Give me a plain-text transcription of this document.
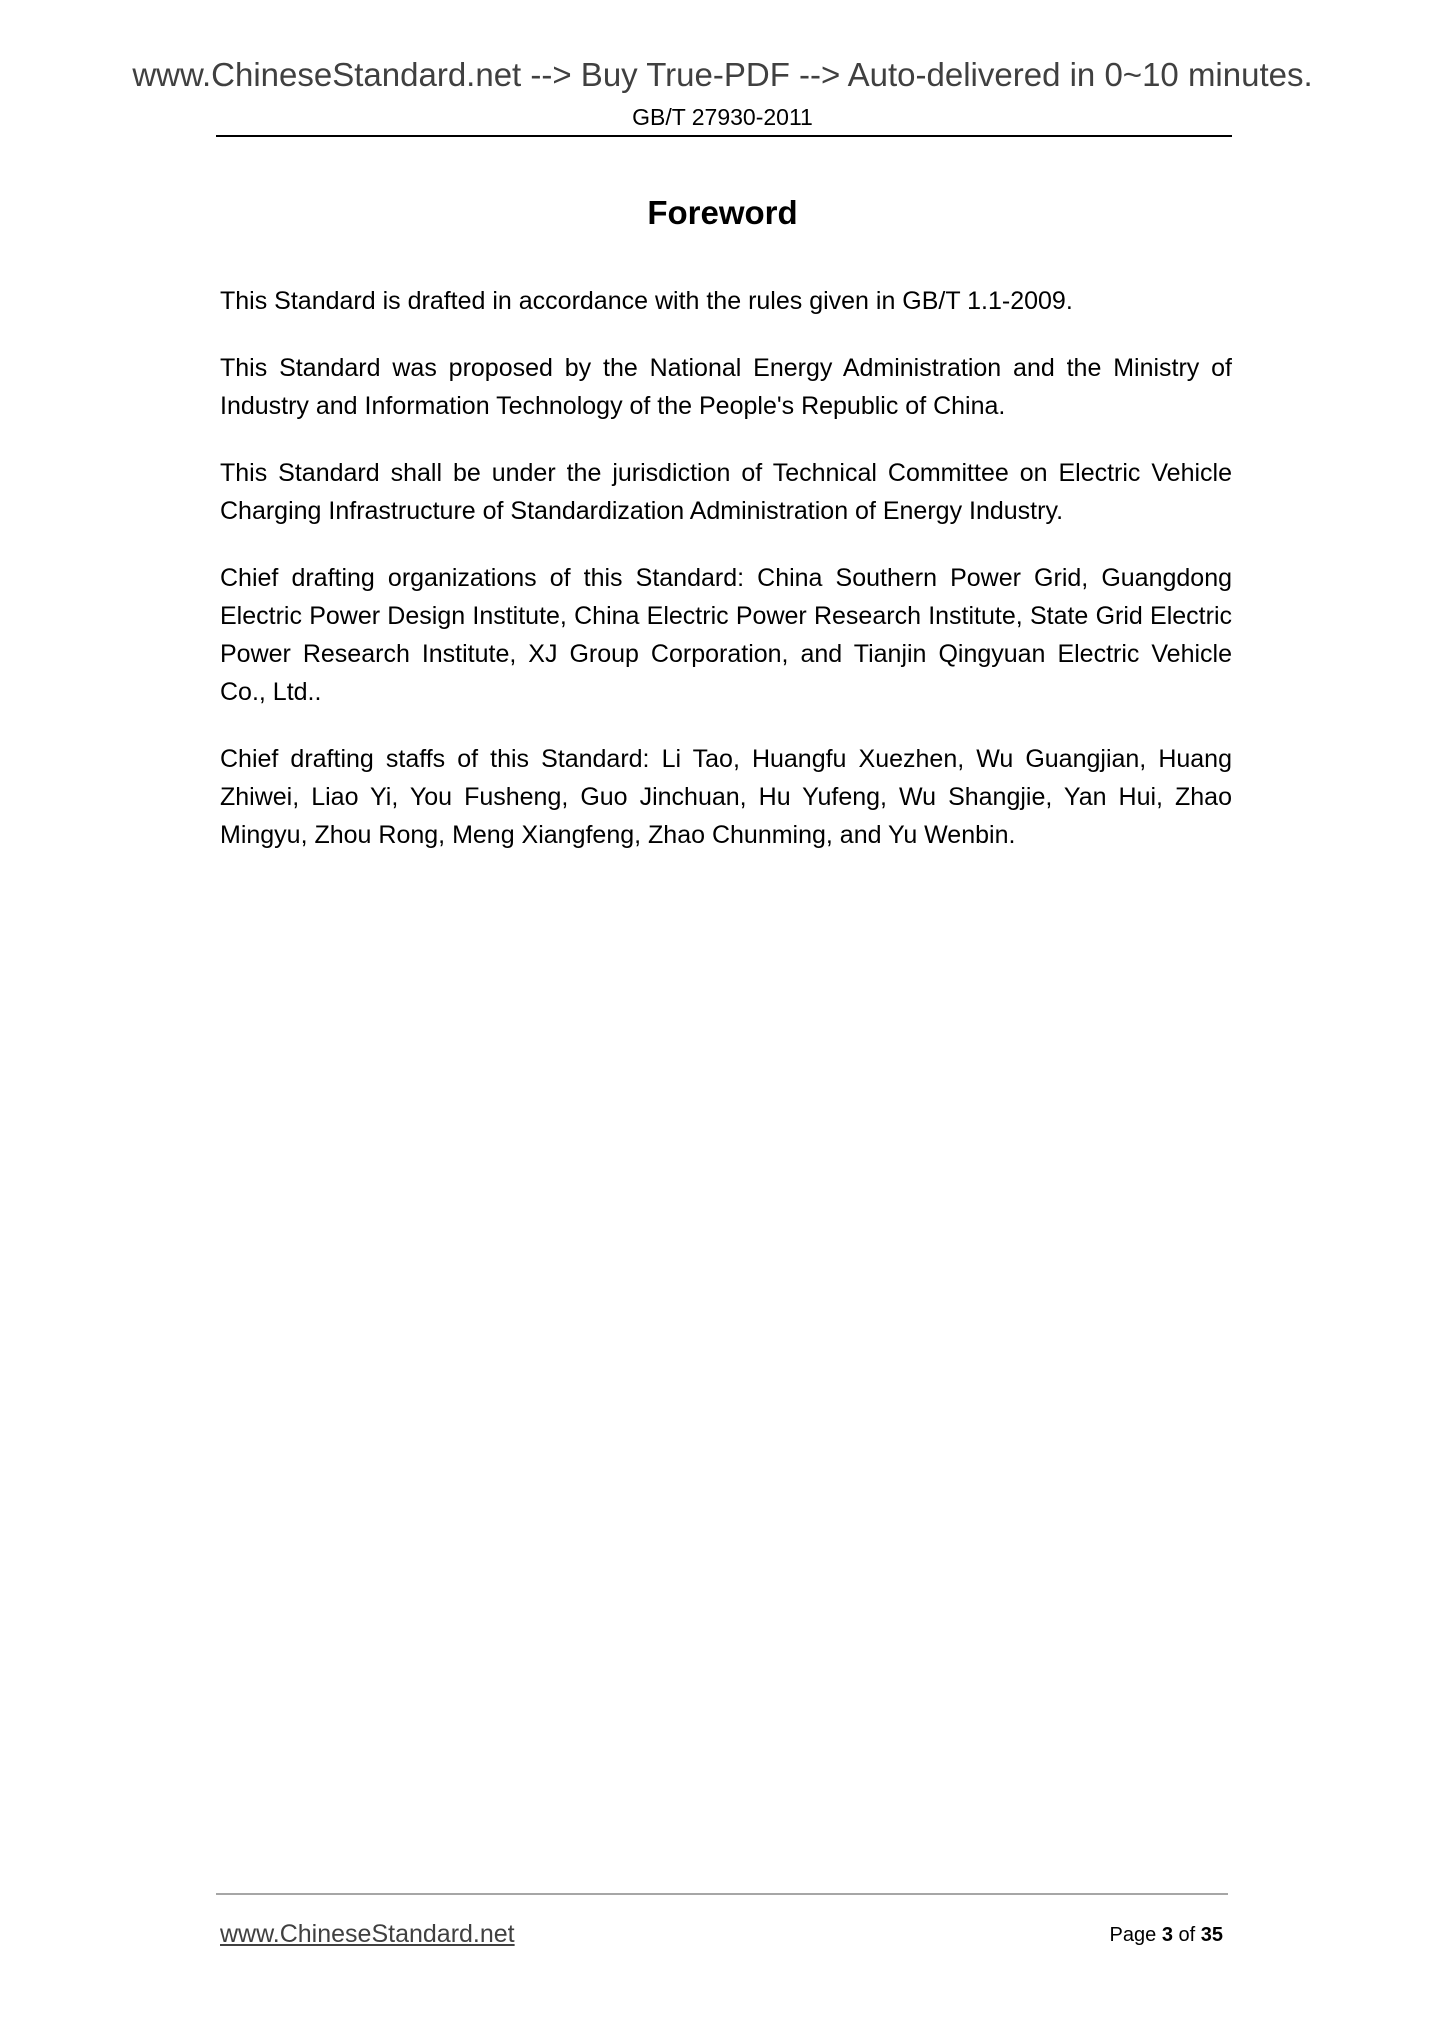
www.ChineseStandard.net --> Buy True-PDF --> Auto-delivered in 0~10 minutes.
GB/T 27930-2011
Foreword

This Standard is drafted in accordance with the rules given in GB/T 1.1-2009.

This Standard was proposed by the National Energy Administration and the Ministry of Industry and Information Technology of the People's Republic of China.

This Standard shall be under the jurisdiction of Technical Committee on Electric Vehicle Charging Infrastructure of Standardization Administration of Energy Industry.

Chief drafting organizations of this Standard: China Southern Power Grid, Guangdong Electric Power Design Institute, China Electric Power Research Institute, State Grid Electric Power Research Institute, XJ Group Corporation, and Tianjin Qingyuan Electric Vehicle Co., Ltd..

Chief drafting staffs of this Standard: Li Tao, Huangfu Xuezhen, Wu Guangjian, Huang Zhiwei, Liao Yi, You Fusheng, Guo Jinchuan, Hu Yufeng, Wu Shangjie, Yan Hui, Zhao Mingyu, Zhou Rong, Meng Xiangfeng, Zhao Chunming, and Yu Wenbin.

www.ChineseStandard.net	Page 3 of 35
